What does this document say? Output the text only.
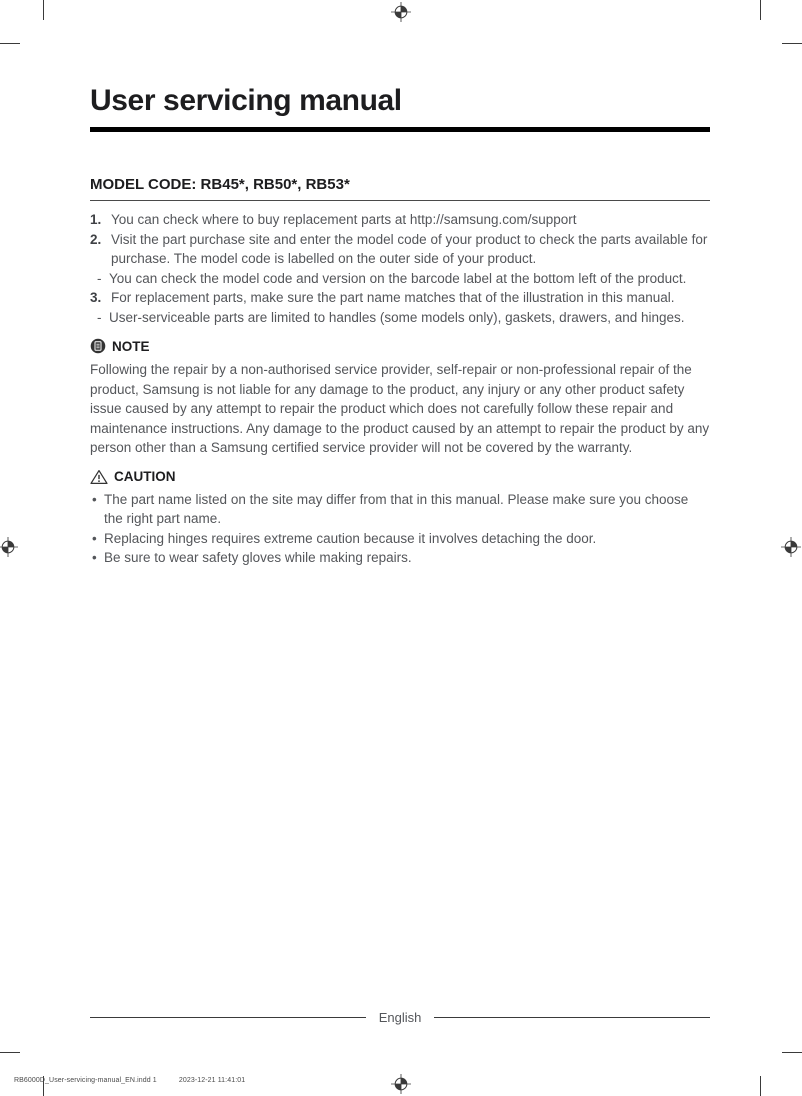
User servicing manual
MODEL CODE: RB45*, RB50*, RB53*
1. You can check where to buy replacement parts at http://samsung.com/support
2. Visit the part purchase site and enter the model code of your product to check the parts available for purchase. The model code is labelled on the outer side of your product.
- You can check the model code and version on the barcode label at the bottom left of the product.
3. For replacement parts, make sure the part name matches that of the illustration in this manual.
- User-serviceable parts are limited to handles (some models only), gaskets, drawers, and hinges.
NOTE

Following the repair by a non-authorised service provider, self-repair or non-professional repair of the product, Samsung is not liable for any damage to the product, any injury or any other product safety issue caused by any attempt to repair the product which does not carefully follow these repair and maintenance instructions. Any damage to the product caused by an attempt to repair the product by any person other than a Samsung certified service provider will not be covered by the warranty.

CAUTION
• The part name listed on the site may differ from that in this manual. Please make sure you choose the right part name.
• Replacing hinges requires extreme caution because it involves detaching the door.
• Be sure to wear safety gloves while making repairs.
English
RB6000D_User-servicing-manual_EN.indd 1	2023-12-21 11:41:01
